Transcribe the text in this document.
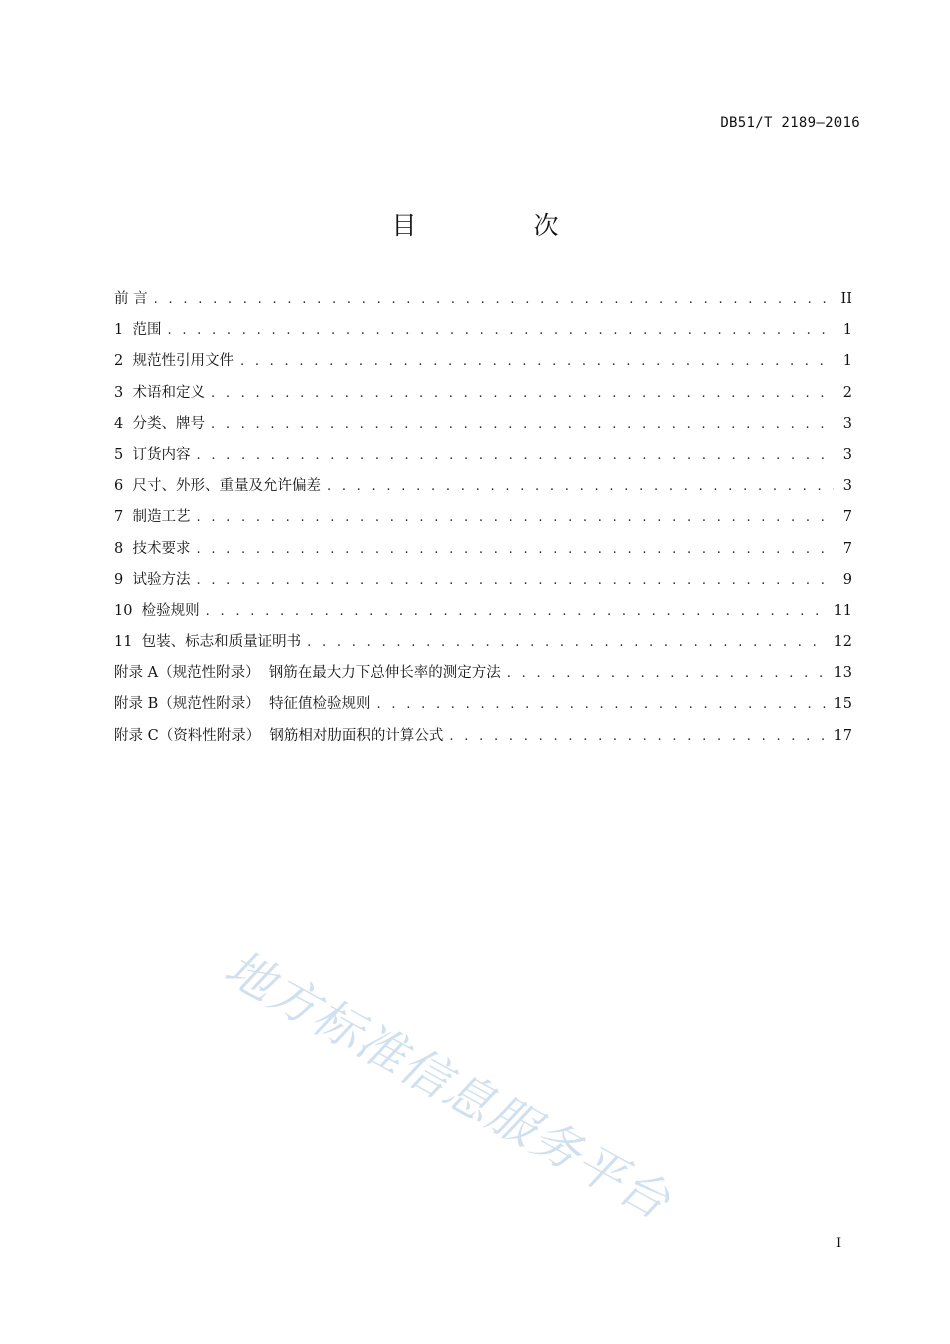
DB51/T 2189—2016
目　次
前 言 . . .	II
1  范围 . . .	1
2  规范性引用文件 . . .	1
3  术语和定义 . . .	2
4  分类、牌号 . . .	3
5  订货内容 . . .	3
6  尺寸、外形、重量及允许偏差 . . .	3
7  制造工艺 . . .	7
8  技术要求 . . .	7
9  试验方法 . . .	9
10  检验规则 . . .	11
11  包装、标志和质量证明书 . . .	12
附录 A（规范性附录）  钢筋在最大力下总伸长率的测定方法 . . .	13
附录 B（规范性附录）  特征值检验规则 . . .	15
附录 C（资料性附录）  钢筋相对肋面积的计算公式 . . .	17
地方标准信息服务平台
I
